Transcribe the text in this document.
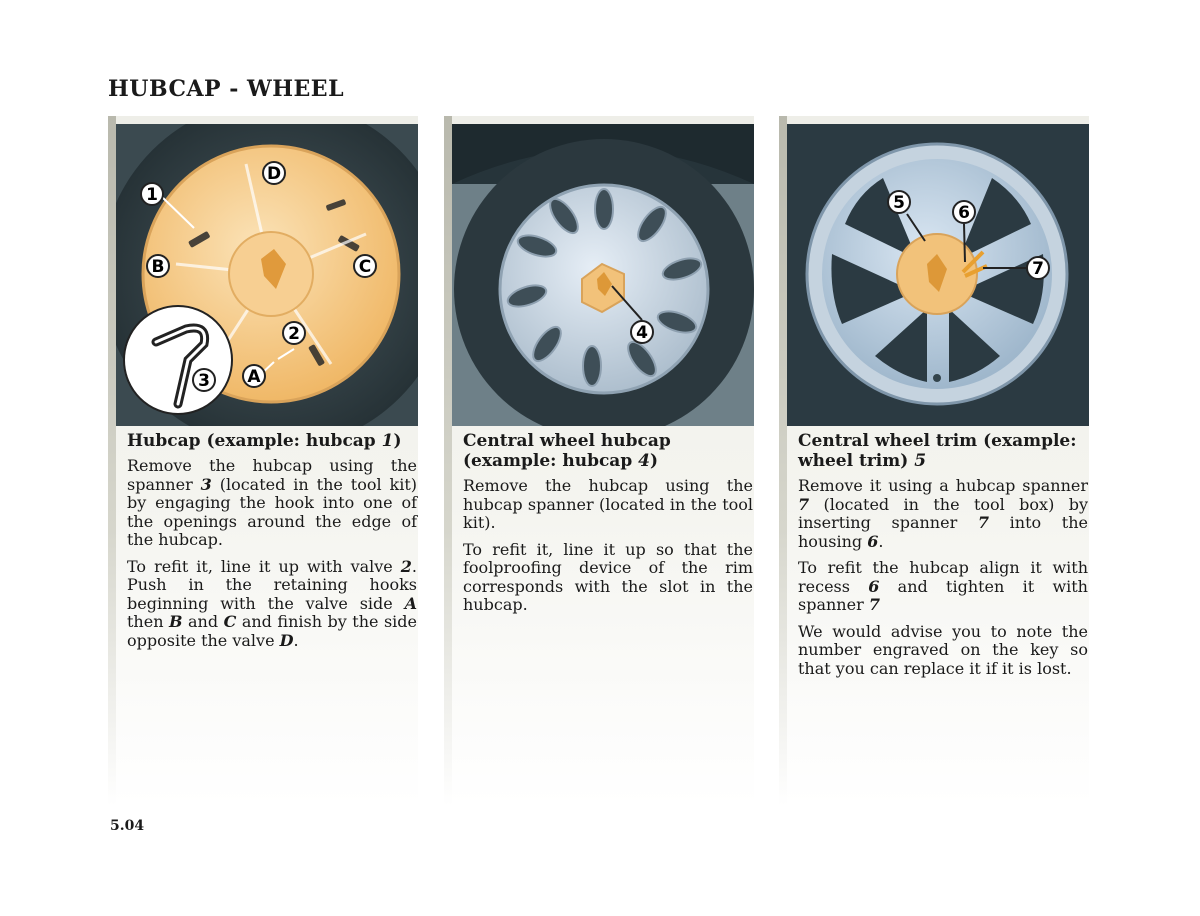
HUBCAP - WHEEL
1
D
B	C
2
3 A
Hubcap (example: hubcap 1)

Remove the hubcap using the spanner 3 (located in the tool kit) by engaging the hook into one of the openings around the edge of the hubcap.

To refit it, line it up with valve 2. Push in the retaining hooks beginning with the valve side A then B and C and finish by the side opposite the valve D.

4
Central wheel hubcap (example: hubcap 4)

Remove the hubcap using the hubcap spanner (located in the tool kit).

To refit it, line it up so that the foolproofing device of the rim corresponds with the slot in the hubcap.

5	6
7
Central wheel trim (example: wheel trim) 5

Remove it using a hubcap spanner 7 (located in the tool box) by inserting spanner 7 into the housing 6.

To refit the hubcap align it with recess 6 and tighten it with spanner 7

We would advise you to note the number engraved on the key so that you can replace it if it is lost.

5.04
